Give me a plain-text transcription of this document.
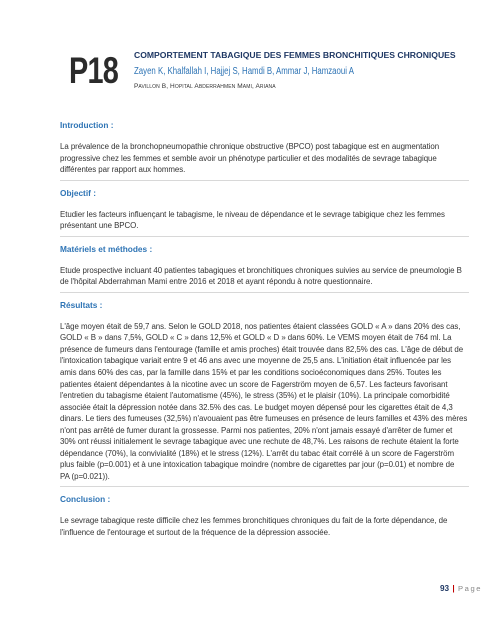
P18 COMPORTEMENT TABAGIQUE DES FEMMES BRONCHITIQUES CHRONIQUES
Zayen K, Khalfallah I, Hajjej S, Hamdi B, Ammar J, Hamzaoui A
Pavillon B, Hopital Abderrahmen Mami, Ariana
Introduction :
La prévalence de la bronchopneumopathie chronique obstructive (BPCO) post tabagique est en augmentation
progressive chez les femmes et semble avoir un phénotype particulier et des modalités de sevrage tabagique
différentes par rapport aux hommes.
Objectif :
Etudier les facteurs influençant le tabagisme, le niveau de dépendance et le sevrage tabigique chez les femmes
présentant une BPCO.
Matériels et méthodes :
Etude prospective incluant 40 patientes tabagiques et bronchitiques chroniques suivies au service de pneumologie B
de l'hôpital Abderrahman Mami entre 2016 et 2018 et ayant répondu à notre questionnaire.
Résultats :
L'âge moyen était de 59,7 ans. Selon le GOLD 2018, nos patientes étaient classées GOLD « A » dans 20% des cas,
GOLD « B » dans 7,5%, GOLD « C » dans 12,5% et GOLD « D » dans 60%. Le VEMS moyen était de 764 ml. La
présence de fumeurs dans l'entourage (famille et amis proches) était trouvée dans 82,5% des cas. L'âge de début de
l'intoxication tabagique variait entre 9 et 46 ans avec une moyenne de 25,5 ans. L'initiation était influencée par les
amis dans 60% des cas, par la famille dans 15% et par les conditions socioéconomiques dans 25%. Toutes les
patientes étaient dépendantes à la nicotine avec un score de Fagerström moyen de 6,57. Les facteurs favorisant
l'entretien du tabagisme étaient l'automatisme (45%), le stress (35%) et le plaisir (10%). La principale comorbidité
associée était la dépression notée dans 32.5% des cas. Le budget moyen dépensé pour les cigarettes était de 4,3
dinars. Le tiers des fumeuses (32,5%) n'avouaient pas être fumeuses en présence de leurs familles et 43% des mères
n'ont pas arrêté de fumer durant la grossesse. Parmi nos patientes, 20% n'ont jamais essayé d'arrêter de fumer et
30% ont réussi initialement le sevrage tabagique avec une rechute de 48,7%. Les raisons de rechute étaient la forte
dépendance (70%), la convivialité (18%) et le stress (12%). L'arrêt du tabac était corrélé à un score de Fagerström
plus faible (p=0.001) et à une intoxication tabagique moindre (nombre de cigarettes par jour (p=0.01) et nombre de
PA (p=0.021)).
Conclusion :
Le sevrage tabagique reste difficile chez les femmes bronchitiques chroniques du fait de la forte dépendance, de
l'influence de l'entourage et surtout de la fréquence de la dépression associée.
93 | Page
